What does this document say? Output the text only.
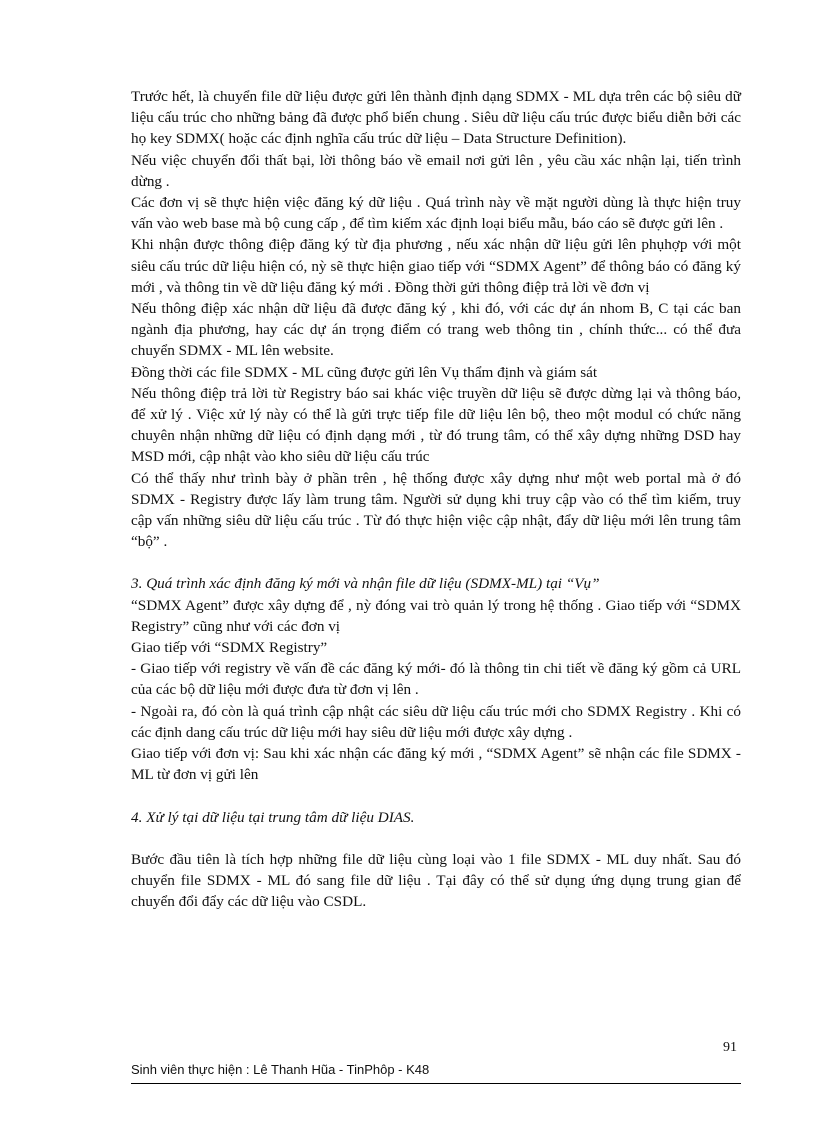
Trước hết, là chuyển file dữ liệu được gửi lên thành định dạng SDMX - ML dựa trên các bộ siêu dữ liệu cấu trúc cho những bảng đã được phổ biến chung . Siêu dữ liệu cấu trúc được biểu diễn bởi các họ key SDMX( hoặc các định nghĩa cấu trúc dữ liệu – Data Structure Definition).

Nếu việc chuyển đổi thất bại, lời thông báo về email nơi gửi lên , yêu cầu xác nhận lại, tiến trình dừng .

Các đơn vị sẽ thực hiện việc đăng ký dữ liệu . Quá trình này về mặt người dùng là thực hiện truy vấn vào web base mà bộ cung cấp , để tìm kiếm xác định loại biểu mẫu, báo cáo sẽ được gửi lên .

Khi nhận được thông điệp đăng ký từ địa phương , nếu xác nhận dữ liệu gửi lên phụhợp với một siêu cấu trúc dữ liệu hiện có, nỳ sẽ thực hiện giao tiếp với “SDMX Agent” để thông báo có đăng ký mới , và thông tin về dữ liệu đăng ký mới . Đồng thời gửi thông điệp trả lời về đơn vị

Nếu thông điệp xác nhận dữ liệu đã được đăng ký , khi đó, với các dự án nhom B, C tại các ban ngành địa phương, hay các dự án trọng điểm có trang web thông tin , chính thức... có thể đưa chuyển SDMX - ML lên website.

Đồng thời các file SDMX - ML cũng được gửi lên Vụ thẩm định và giám sát

Nếu thông điệp trả lời từ Registry báo sai khác việc truyền dữ liệu sẽ được dừng lại và thông báo, để xử lý . Việc xử lý này có thể là gửi trực tiếp file dữ liệu lên bộ, theo một modul có chức năng chuyên nhận những dữ liệu có định dạng mới , từ đó trung tâm, có thể xây dựng những DSD hay MSD mới, cập nhật vào kho siêu dữ liệu cấu trúc

Có thể thấy như trình bày ở phần trên , hệ thống được xây dựng như một web portal mà ở đó SDMX - Registry được lấy làm trung tâm. Người sử dụng khi truy cập vào có thể tìm kiếm, truy cập vấn những siêu dữ liệu cấu trúc . Từ đó thực hiện việc cập nhật, đẩy dữ liệu mới lên trung tâm “bộ” .

3. Quá trình xác định đăng ký mới và nhận file dữ liệu (SDMX-ML) tại “Vụ”

“SDMX Agent” được xây dựng để , nỳ đóng vai trò quản lý trong hệ thống . Giao tiếp với “SDMX Registry” cũng như với các đơn vị

Giao tiếp với “SDMX Registry”

- Giao tiếp với registry về vấn đề các đăng ký mới- đó là thông tin chi tiết về đăng ký gồm cả URL của các bộ dữ liệu mới được đưa từ đơn vị lên .

- Ngoài ra, đó còn là quá trình cập nhật các siêu dữ liệu cấu trúc mới cho SDMX Registry . Khi có các định dang cấu trúc dữ liệu mới hay siêu dữ liệu mới được xây dựng .

Giao tiếp với đơn vị: Sau khi xác nhận các đăng ký mới , “SDMX Agent” sẽ nhận các file SDMX - ML từ đơn vị gửi lên

4. Xử lý tại dữ liệu tại trung tâm dữ liệu DIAS.

Bước đầu tiên là tích hợp những file dữ liệu cùng loại vào 1 file SDMX - ML duy nhất. Sau đó chuyển file SDMX - ML đó sang file dữ liệu . Tại đây có thể sử dụng ứng dụng trung gian để chuyển đổi đẩy các dữ liệu vào CSDL.

91
Sinh viên thực hiện : Lê Thanh Hũa - TinPhôp - K48
